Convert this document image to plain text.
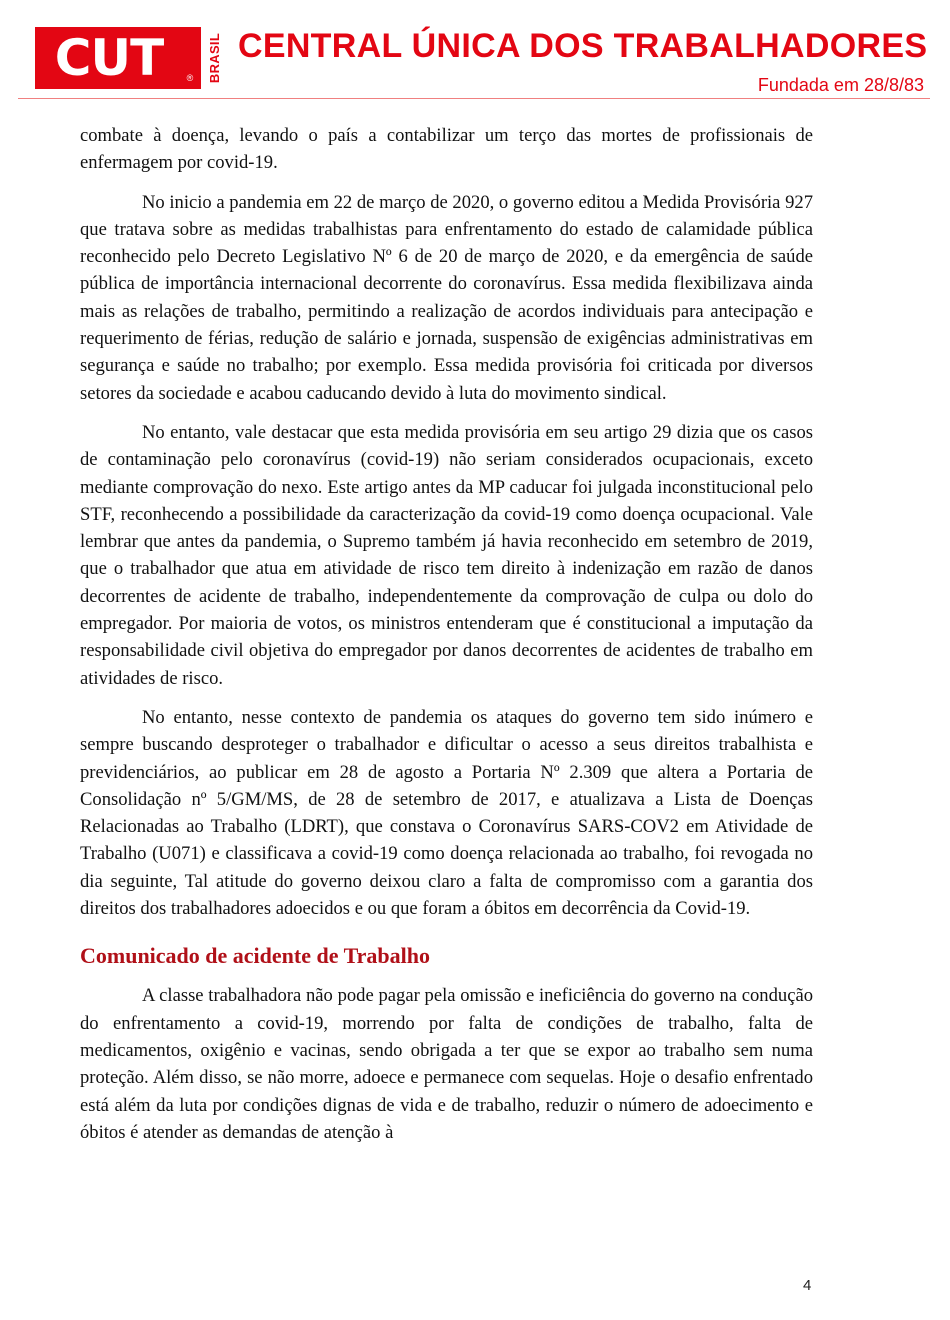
CUT	® BRASIL CENTRAL ÚNICA DOS TRABALHADORES
Fundada em 28/8/83

combate à doença, levando o país a contabilizar um terço das mortes de profissionais de enfermagem por covid-19.

No inicio a pandemia em 22 de março de 2020, o governo editou a Medida Provisória 927 que tratava sobre as medidas trabalhistas para enfrentamento do estado de calamidade pública reconhecido pelo Decreto Legislativo Nº 6 de 20 de março de 2020, e da emergência de saúde pública de importância internacional decorrente do coronavírus. Essa medida flexibilizava ainda mais as relações de trabalho, permitindo a realização de acordos individuais para antecipação e requerimento de férias, redução de salário e jornada, suspensão de exigências administrativas em segurança e saúde no trabalho; por exemplo. Essa medida provisória foi criticada por diversos setores da sociedade e acabou caducando devido à luta do movimento sindical.

No entanto, vale destacar que esta medida provisória em seu artigo 29 dizia que os casos de contaminação pelo coronavírus (covid-19) não seriam considerados ocupacionais, exceto mediante comprovação do nexo. Este artigo antes da MP caducar foi julgada inconstitucional pelo STF, reconhecendo a possibilidade da caracterização da covid-19 como doença ocupacional. Vale lembrar que antes da pandemia, o Supremo também já havia reconhecido em setembro de 2019, que o trabalhador que atua em atividade de risco tem direito à indenização em razão de danos decorrentes de acidente de trabalho, independentemente da comprovação de culpa ou dolo do empregador. Por maioria de votos, os ministros entenderam que é constitucional a imputação da responsabilidade civil objetiva do empregador por danos decorrentes de acidentes de trabalho em atividades de risco.

No entanto, nesse contexto de pandemia os ataques do governo tem sido inúmero e sempre buscando desproteger o trabalhador e dificultar o acesso a seus direitos trabalhista e previdenciários, ao publicar em 28 de agosto a Portaria Nº 2.309 que altera a Portaria de Consolidação nº 5/GM/MS, de 28 de setembro de 2017, e atualizava a Lista de Doenças Relacionadas ao Trabalho (LDRT), que constava o Coronavírus SARS-COV2 em Atividade de Trabalho (U071) e classificava a covid-19 como doença relacionada ao trabalho, foi revogada no dia seguinte, Tal atitude do governo deixou claro a falta de compromisso com a garantia dos direitos dos trabalhadores adoecidos e ou que foram a óbitos em decorrência da Covid-19.

Comunicado de acidente de Trabalho

A classe trabalhadora não pode pagar pela omissão e ineficiência do governo na condução do enfrentamento a covid-19, morrendo por falta de condições de trabalho, falta de medicamentos, oxigênio e vacinas, sendo obrigada a ter que se expor ao trabalho sem numa proteção. Além disso, se não morre, adoece e permanece com sequelas. Hoje o desafio enfrentado está além da luta por condições dignas de vida e de trabalho, reduzir o número de adoecimento e óbitos é atender as demandas de atenção à

4
